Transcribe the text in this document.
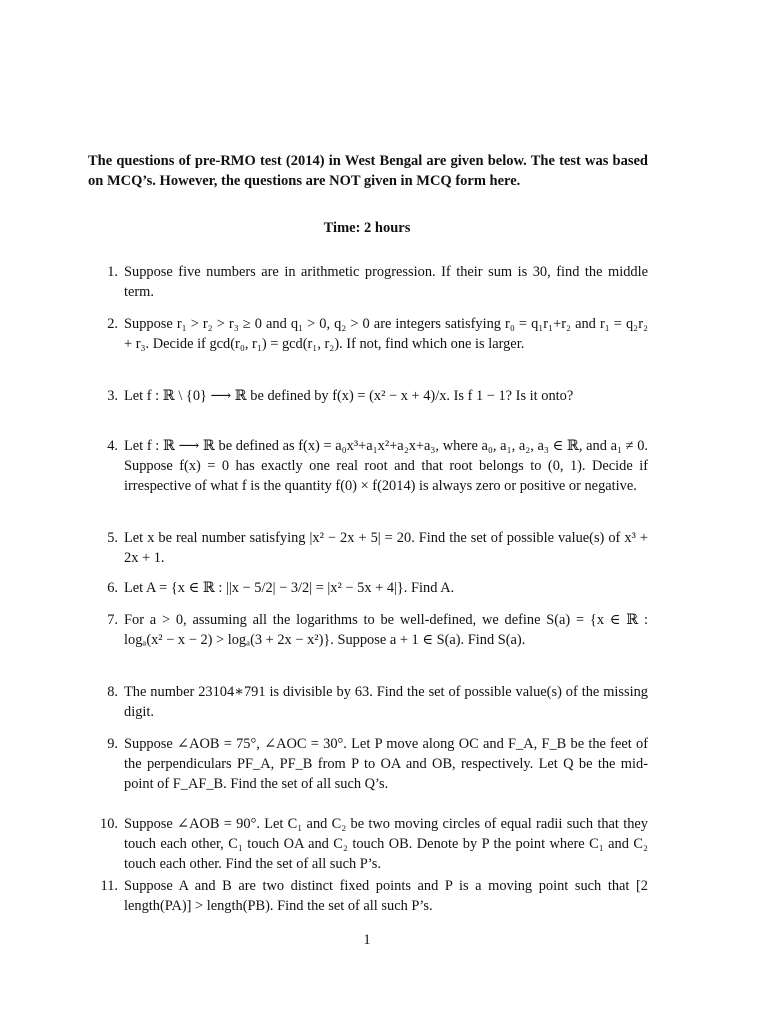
The questions of pre-RMO test (2014) in West Bengal are given below. The test was based on MCQ’s. However, the questions are NOT given in MCQ form here.
Time: 2 hours
1. Suppose five numbers are in arithmetic progression. If their sum is 30, find the middle term.
2. Suppose r₁ > r₂ > r₃ ≥ 0 and q₁ > 0, q₂ > 0 are integers satisfying r₀ = q₁r₁+r₂ and r₁ = q₂r₂ + r₃. Decide if gcd(r₀, r₁) = gcd(r₁, r₂). If not, find which one is larger.
3. Let f : ℝ \ {0} ⟶ ℝ be defined by f(x) = (x² − x + 4)/x. Is f 1 − 1? Is it onto?
4. Let f : ℝ ⟶ ℝ be defined as f(x) = a₀x³+a₁x²+a₂x+a₃, where a₀, a₁, a₂, a₃ ∈ ℝ, and a₁ ≠ 0. Suppose f(x) = 0 has exactly one real root and that root belongs to (0, 1). Decide if irrespective of what f is the quantity f(0) × f(2014) is always zero or positive or negative.
5. Let x be real number satisfying |x² − 2x + 5| = 20. Find the set of possible value(s) of x³ + 2x + 1.
6. Let A = {x ∈ ℝ : ||x − 5/2| − 3/2| = |x² − 5x + 4|}. Find A.
7. For a > 0, assuming all the logarithms to be well-defined, we define S(a) = {x ∈ ℝ : logₐ(x² − x − 2) > logₐ(3 + 2x − x²)}. Suppose a + 1 ∈ S(a). Find S(a).
8. The number 23104∗791 is divisible by 63. Find the set of possible value(s) of the missing digit.
9. Suppose ∠AOB = 75°, ∠AOC = 30°. Let P move along OC and F_A, F_B be the feet of the perpendiculars PF_A, PF_B from P to OA and OB, respectively. Let Q be the mid-point of F_AF_B. Find the set of all such Q’s.
10. Suppose ∠AOB = 90°. Let C₁ and C₂ be two moving circles of equal radii such that they touch each other, C₁ touch OA and C₂ touch OB. Denote by P the point where C₁ and C₂ touch each other. Find the set of all such P’s.
11. Suppose A and B are two distinct fixed points and P is a moving point such that [2 length(PA)] > length(PB). Find the set of all such P’s.
1
